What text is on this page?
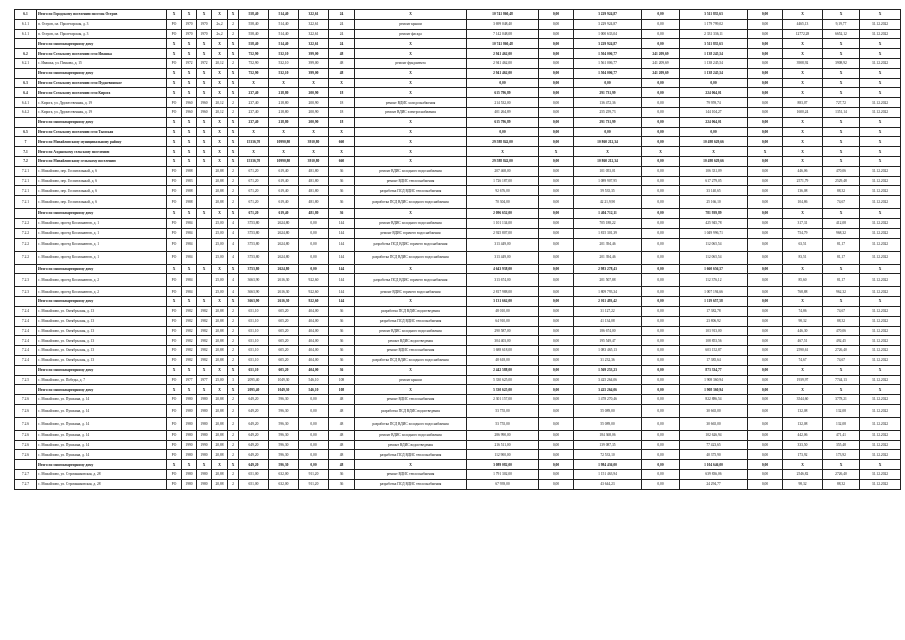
6.1	Итого по Городскому поселению поселок Остров	X	X	X	X	X	558,40	514,40	322,61	24	X	10 741 860,48	0,00	3 229 924,87	0,00	3 511 835,63	0,00	X	X	X
6.1.1	п. Остров, пл. Пролетарская, д. 3	РО	1970	1970	2х,2	2	558,40	514,40	322,61	24	ремонт крыши	3 699 048,40	0,00	3 229 924,87	0,00	1 179 799,02	0,00	4465,13	9,19,77	31.12.2022
6.1.1	п. Остров, пл. Пролетарская, д. 3	РО	1970	1970	2х,2	2	558,40	514,40	322,61	24	ремонт фасада	7 142 048,08	0,00	1 000 633,04	0,00	2 331 336,11	0,00	12772,28	6652,12	31.12.2022
	Итого по многоквартирному дому	X	X	X	X	X	558,40	514,40	322,61	24	X	10 741 860,48	0,00	3 229 924,87	0,00	3 511 835,63	0,00	X	X	X
6.2	Итого по Сельскому поселению село Ивашка	X	X	X	X	X	752,90	532,10	399,00	48	X	2 941 462,00	0,00	1 504 006,77	241 209,69	1 138 245,54	0,00	X	X	X
6.2.1	с. Ивашка, ул. Пачкова, д. 15	РО	1972	1972	20,12	2	752,90	532,10	399,00	48	ремонт фундамента	2 941 462,00	0,00	1 561 006,77	241 209,69	1 138 245,54	0,00	3908,92	3908,92	31.12.2022
	Итого по многоквартирному дому	X	X	X	X	X	752,90	532,10	399,00	48	X	2 941 462,00	0,00	1 504 006,77	241 209,69	1 138 245,54	0,00	X	X	X
6.3	Итого по Сельскому поселению село Пуджевинское	X	X	X	X	X	X	X	X	X	X	0,00	0,00	0,00	0,00	0,00	0,00	X	X	X
6.4	Итого по Сельскому поселению село Кирога	X	X	X	X	X	237,40	218,80	200,90	18	X	615 796,89	0,00	291 731,99	0,00	224 064,01	0,00	X	X	X
6.4.1	с. Кирога, ул. Дружественная, д. 19	РО	1960	1960	20,12	2	237,40	218,80	200,90	18	ремонт ВДИС холодоснабжения	214 532,00	0,00	136 472,36	0,00	79 959,74	0,00	883,07	727,72	31.12.2022
6.4.2	с. Кирога, ул. Дружественная, д. 19	РО	1960	1960	20,12	2	237,40	218,80	200,90	18	ремонт ВДИС электроснабжения	401 264,89	0,00	255 259,73	0,00	144 104,27	0,00	1600,24	1351,14	31.12.2022
	Итого по многоквартирному дому	X	X	X	X	X	237,40	218,80	200,90	18	X	615 796,89	0,00	291 731,99	0,00	224 064,01	0,00	X	X	X
6.5	Итого по Сельскому поселению село Тымская	X	X	X	X	X	X	X	X	X	X	0,00	0,00	0,00	0,00	0,00	0,00	X	X	X
7	Итого по Михайловскому муниципальному району	X	X	X	X	X	15336,70	10990,80	3910,80	660	X	29 588 842,00	0,00	10 860 212,34	0,00	10 498 629,66	0,00	X	X	X
7.1	Итого по Алданскому сельскому поселению	X	X	X	X	X	X	X	X	X	X	X	X	X	X	X	X	X	X	X
7.2	Итого по Михайловскому сельскому поселению	X	X	X	X	X	15336,70	10990,80	3910,80	660	X	29 588 842,00	0,00	10 860 212,34	0,00	10 498 629,66	0,00	X	X	X
7.2.1	с. Михайлово, пер. Госпитальный, д. 6	РО	1988		20,88	2	671,20	619,40	481,80	36	ремонт ВДИС холодного водоснабжения	207 468,00	0,00	101 053,01	0,00	106 331,09	0,00	446,06	470,06	31.12.2022
7.2.1	с. Михайлово, пер. Госпитальный, д. 6	РО	1983		20,88	2	671,20	619,40	481,80	36	ремонт ВДИС теплоснабжения	1 726 187,00	0,00	1 089 907,95	0,00	617 279,05	0,00	2571,79	2529,48	31.12.2022
7.2.1	с. Михайлово, пер. Госпитальный, д. 6	РО	1988		20,88	2	671,20	619,40	481,80	36	разработка ПСД ВДИС теплоснабжения	92 676,00	0,00	59 535,35	0,00	33 140,65	0,00	136,08	88,32	31.12.2022
7.2.1	с. Михайлово, пер. Госпитальный, д. 6	РО	1988		20,88	2	671,20	619,40	481,80	36	разработка ПСД ВДИС холодного водоснабжения	70 304,00	0,00	42 21,9,90	0,00	25 166,10	0,00	104,86	74,67	31.12.2022
	Итого по многоквартирному дому	X	X	X	X	X	671,20	619,40	481,80	36	X	2 096 652,00	0,00	1 404 712,11	0,00	781 939,89	0,00	X	X	X
7.2.2	с. Михайлово, проезд Космонавтов, д. 1	РО	1984		25,00	4	3753,80	2624,80	0,00	144	ремонт ВДИС холодного водоснабжения	1 101 134,00	0,00	705 188,22	0,00	425 945,78	0,00	317,31	412,08	31.12.2022
7.2.2	с. Михайлово, проезд Космонавтов, д. 1	РО	1984		25,00	4	3753,80	2624,80	0,00	144	ремонт ВДИС горячего водоснабжения	2 925 807,00	0,00	1 815 301,39	0,00	1 049 996,71	0,00	754,79	968,32	31.12.2022
7.2.2	с. Михайлово, проезд Космонавтов, д. 1	РО	1984		25,00	4	3753,80	2624,80	0,00	144	разработка ПСД ВДИС горячего водоснабжения	313 449,00	0,00	201 394,46	0,00	112 065,54	0,00	63,51	81,17	31.12.2022
7.2.2	с. Михайлово, проезд Космонавтов, д. 1	РО	1984		25,00	4	3753,80	2624,80	0,00	144	разработка ПСД ВДИС холодного водоснабжения	313 449,00	0,00	201 394,46	0,00	112 065,54	0,00	83,51	81,17	31.12.2022
	Итого по многоквартирному дому	X	X	X	X	X	3753,80	2624,80	0,00	144	X	4 643 938,00	0,00	2 983 278,43	0,00	1 660 656,57	0,00	X	X	X
7.2.3	с. Михайлово, проезд Космонавтов, д. 2	РО	1984		25,00	4	3663,90	2616,30	922,60	144	разработка ПСД ВДИС горячего водоснабжения	313 674,00	0,00	201 507,88	0,00	112 376,12	0,00	85,60	81,17	31.12.2022
7.2.3	с. Михайлово, проезд Космонавтов, д. 2	РО	1984		25,00	4	3663,90	2616,30	922,60	144	ремонт ВДИС горячего водоснабжения	2 817 988,00	0,00	1 809 793,34	0,00	1 007 194,66	0,00	768,88	962,32	31.12.2022
	Итого по многоквартирному дому	X	X	X	X	X	3663,90	2616,30	922,60	144	X	3 131 662,00	0,00	2 011 493,42	0,00	1 119 657,58	0,00	X	X	X
7.2.4	с. Михайлово, ул. Октябрьская, д. 13	РО	1982	1982	20,88	2	651,10	605,20	404,00	36	разработка ПСД ВДИС водоотведения	48 010,00	0,00	31 127,22	0,00	17 382,78	0,00	74,86	74,67	31.12.2022
7.2.4	с. Михайлово, ул. Октябрьская, д. 13	РО	1982	1982	20,88	2	651,10	605,20	404,00	36	разработка ПСД ВДИС теплоснабжения	64 910,00	0,00	41 134,08	0,00	23 806,92	0,00	98,32	88,32	31.12.2022
7.2.4	с. Михайлово, ул. Октябрьская, д. 13	РО	1982	1982	20,88	2	651,10	605,20	404,00	36	ремонт ВДИС холодного водоснабжения	290 587,00	0,00	186 674,00	0,00	103 913,00	0,00	446,30	470,06	31.12.2022
7.2.4	с. Михайлово, ул. Октябрьская, д. 13	РО	1982	1982	20,88	2	651,10	605,20	404,00	36	ремонт ВДИС водоотведения	304 403,00	0,00	195 549,47	0,00	108 853,56	0,00	467,51	492,45	31.12.2022
7.2.4	с. Михайлово, ул. Октябрьская, д. 13	РО	1982	1982	20,88	2	651,10	605,20	404,00	36	ремонт ВДИС теплоснабжения	1 688 618,00	0,00	1 083 465,13	0,00	603 152,87	0,00	2590,61	2726,40	31.12.2022
7.2.4	с. Михайлово, ул. Октябрьская, д. 13	РО	1982	1982	20,88	2	651,10	605,20	404,00	36	разработка ПСД ВДИС холодного водоснабжения	48 618,00	0,00	31 232,36	0,00	17 385,64	0,00	74,67	74,67	31.12.2022
	Итого по многоквартирному дому	X	X	X	X	X	651,10	605,20	404,00	36	X	2 442 588,00	0,00	1 569 253,23	0,00	873 334,77	0,00	X	X	X
7.2.5	с. Михайлово, ул. Победы, д. 7	РО	1977	1977	25,00	3	2095,40	1049,30	546,10	108	ремонт крыши	5 330 625,00	0,00	3 425 264,06	0,00	1 908 360,94	0,00	1939,97	7744,13	31.12.2022
	Итого по многоквартирному дому	X	X	X	X	X	2095,40	1049,30	546,10	108	X	5 330 625,00	0,00	3 425 264,06	0,00	1 908 360,94	0,00	X	X	X
7.2.6	с. Михайлово, ул. Пушкина, д. 14	РО	1980	1980	20,88	2	649,20	596,30	0,00	48	ремонт ВДИС теплоснабжения	2 301 157,00	0,00	1 478 270,46	0,00	822 886,54	0,00	3544,60	3778,21	31.12.2022
7.2.6	с. Михайлово, ул. Пушкина, д. 14	РО	1980	1980	20,88	2	649,20	596,30	0,00	48	разработка ПСД ВДИС водоотведения	53 755,00	0,00	55 089,00	0,00	30 665,00	0,00	132,08	132,08	31.12.2022
7.2.6	с. Михайлово, ул. Пушкина, д. 14	РО	1980	1980	20,88	2	649,20	596,30	0,00	48	разработка ПСД ВДИС холодного водоснабжения	53 755,00	0,00	55 089,00	0,00	30 665,00	0,00	132,08	132,08	31.12.2022
7.2.6	с. Михайлово, ул. Пушкина, д. 14	РО	1980	1980	20,88	2	649,20	596,30	0,00	48	ремонт ВДИС холодного водоснабжения	286 990,00	0,00	184 368,06	0,00	102 626,94	0,00	442,06	471,41	31.12.2022
7.2.6	с. Михайлово, ул. Пушкина, д. 14	РО	1990	1990	20,88	2	649,20	596,30	0,00	48	ремонт ВДИС водоотведения	216 511,00	0,00	139 087,35	0,00	77 423,65	0,00	333,50	355,48	31.12.2022
7.2.6	с. Михайлово, ул. Пушкина, д. 14	РО	1980	1980	20,88	2	649,20	596,30	0,00	48	разработка ПСД ВДИС теплоснабжения	112 900,00	0,00	72 533,10	0,00	40 375,90	0,00	173,92	173,92	31.12.2022
	Итого по многоквартирному дому	X	X	X	X	X	649,20	596,30	0,00	48	X	3 089 082,00	0,00	1 984 436,00	0,00	1 104 646,00	0,00	X	X	X
7.2.7	с. Михайлово, ул. Стромынковская, д. 28	РО	1980	1980	20,88	2	651,00	632,00	911,20	36	ремонт ВДИС теплоснабжения	1 791 302,00	0,00	1 151 463,94	0,00	639 836,06	0,00	2546,82	2726,40	31.12.2022
7.2.7	с. Михайлово, ул. Стромынковская, д. 28	РО	1980	1980	20,88	2	651,00	632,00	911,20	36	разработка ПСД ВДИС теплоснабжения	67 939,00	0,00	43 644,23	0,00	24 294,77	0,00	98,32	88,32	31.12.2022
